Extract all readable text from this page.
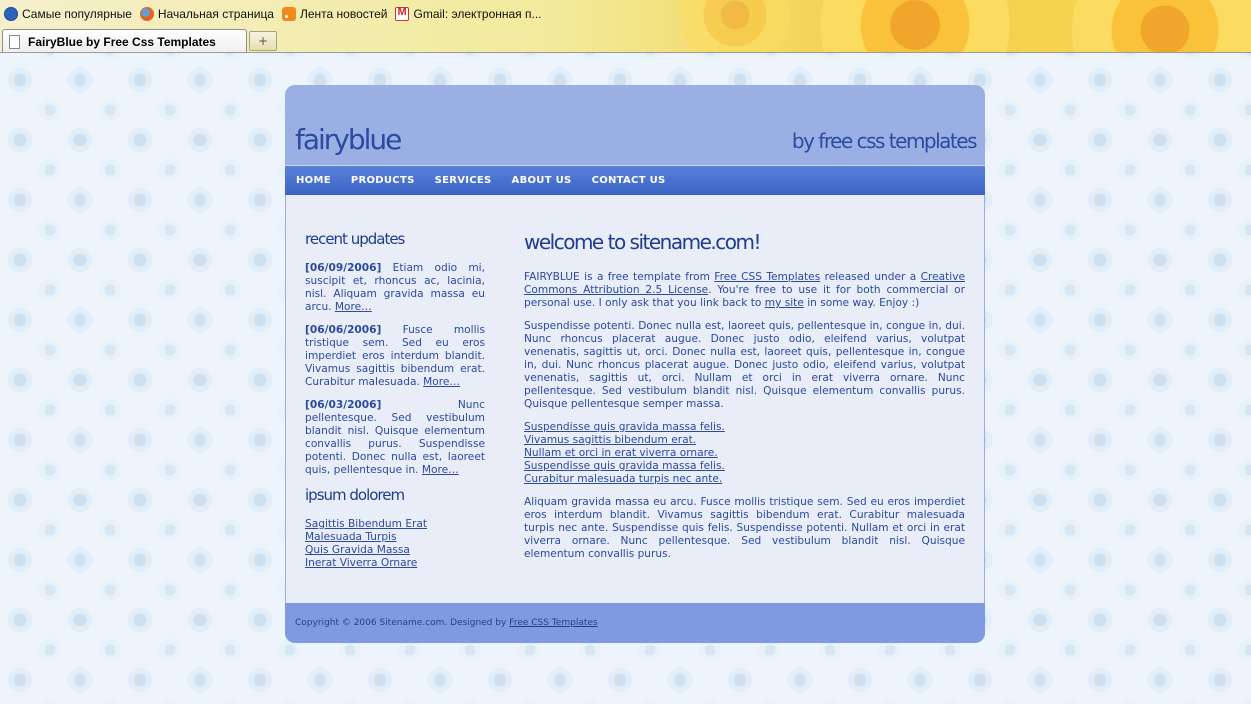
Самые популярные Начальная страница Лента новостей
M Gmail: электронная п...
FairyBlue by Free Css Templates	+
fairyblue	by free css templates
HOME PRODUCTS SERVICES ABOUT US CONTACT US
recent updates
[06/09/2006] Etiam odio mi, suscipit et, rhoncus ac, lacinia, nisl. Aliquam gravida massa eu arcu. More…
[06/06/2006] Fusce mollis tristique sem. Sed eu eros imperdiet eros interdum blandit. Vivamus sagittis bibendum erat. Curabitur malesuada. More…
[06/03/2006] Nunc pellentesque. Sed vestibulum blandit nisl. Quisque elementum convallis purus. Suspendisse potenti. Donec nulla est, laoreet quis, pellentesque in. More…
ipsum dolorem
Sagittis Bibendum Erat
Malesuada Turpis
Quis Gravida Massa
Inerat Viverra Ornare
welcome to sitename.com!

FAIRYBLUE is a free template from Free CSS Templates released under a Creative Commons Attribution 2.5 License. You're free to use it for both commercial or personal use. I only ask that you link back to my site in some way. Enjoy :)

Suspendisse potenti. Donec nulla est, laoreet quis, pellentesque in, congue in, dui. Nunc rhoncus placerat augue. Donec justo odio, eleifend varius, volutpat venenatis, sagittis ut, orci. Donec nulla est, laoreet quis, pellentesque in, congue in, dui. Nunc rhoncus placerat augue. Donec justo odio, eleifend varius, volutpat venenatis, sagittis ut, orci. Nullam et orci in erat viverra ornare. Nunc pellentesque. Sed vestibulum blandit nisl. Quisque elementum convallis purus. Quisque pellentesque semper massa.

Suspendisse quis gravida massa felis.
Vivamus sagittis bibendum erat.
Nullam et orci in erat viverra ornare.
Suspendisse quis gravida massa felis.
Curabitur malesuada turpis nec ante.

Aliquam gravida massa eu arcu. Fusce mollis tristique sem. Sed eu eros imperdiet eros interdum blandit. Vivamus sagittis bibendum erat. Curabitur malesuada turpis nec ante. Suspendisse quis felis. Suspendisse potenti. Nullam et orci in erat viverra ornare. Nunc pellentesque. Sed vestibulum blandit nisl. Quisque elementum convallis purus.

Copyright © 2006 Sitename.com. Designed by Free CSS Templates
